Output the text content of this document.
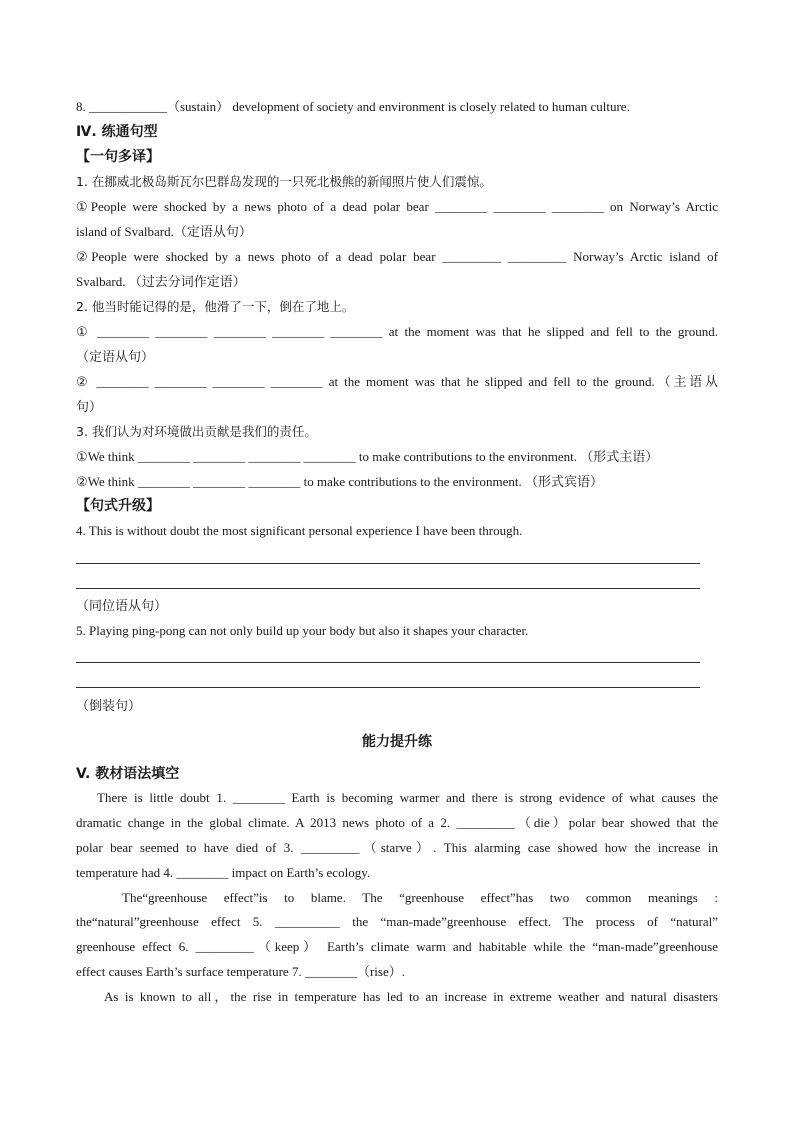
8. ____________（sustain） development of society and environment is closely related to human culture.
Ⅳ. 练通句型
【一句多译】
1. 在挪威北极岛斯瓦尔巴群岛发现的一只死北极熊的新闻照片使人们震惊。
①People were shocked by a news photo of a dead polar bear ________ ________ ________ on Norway’s Arctic
island of Svalbard.（定语从句）
②People were shocked by a news photo of a dead polar bear _________ _________ Norway’s Arctic island of
Svalbard. （过去分词作定语）
2. 他当时能记得的是，他滑了一下，倒在了地上。
① ________ ________ ________ ________ ________ at the moment was that he slipped and fell to the ground.
（定语从句）
② ________ ________ ________ ________ at the moment was that he slipped and fell to the ground.（主语从
句）
3. 我们认为对环境做出贡献是我们的责任。
①We think ________ ________ ________ ________ to make contributions to the environment. （形式主语）
②We think ________ ________ ________ to make contributions to the environment. （形式宾语）
【句式升级】
4. This is without doubt the most significant personal experience I have been through.
（同位语从句）
5. Playing ping-pong can not only build up your body but also it shapes your character.
（倒装句）
能力提升练
V. 教材语法填空
There is little doubt 1. ________ Earth is becoming warmer and there is strong evidence of what causes the
dramatic change in the global climate. A 2013 news photo of a 2. _________（die）polar bear showed that the
polar bear seemed to have died of 3. _________（starve）. This alarming case showed how the increase in
temperature had 4. ________ impact on Earth’s ecology.
The“greenhouse effect”is to blame. The “greenhouse effect”has two common meanings :
the“natural”greenhouse effect 5. __________ the “man-made”greenhouse effect. The process of “natural”
greenhouse effect 6. _________（keep） Earth’s climate warm and habitable while the “man-made”greenhouse
effect causes Earth’s surface temperature 7. ________（rise）.
As is known to all，the rise in temperature has led to an increase in extreme weather and natural disasters
